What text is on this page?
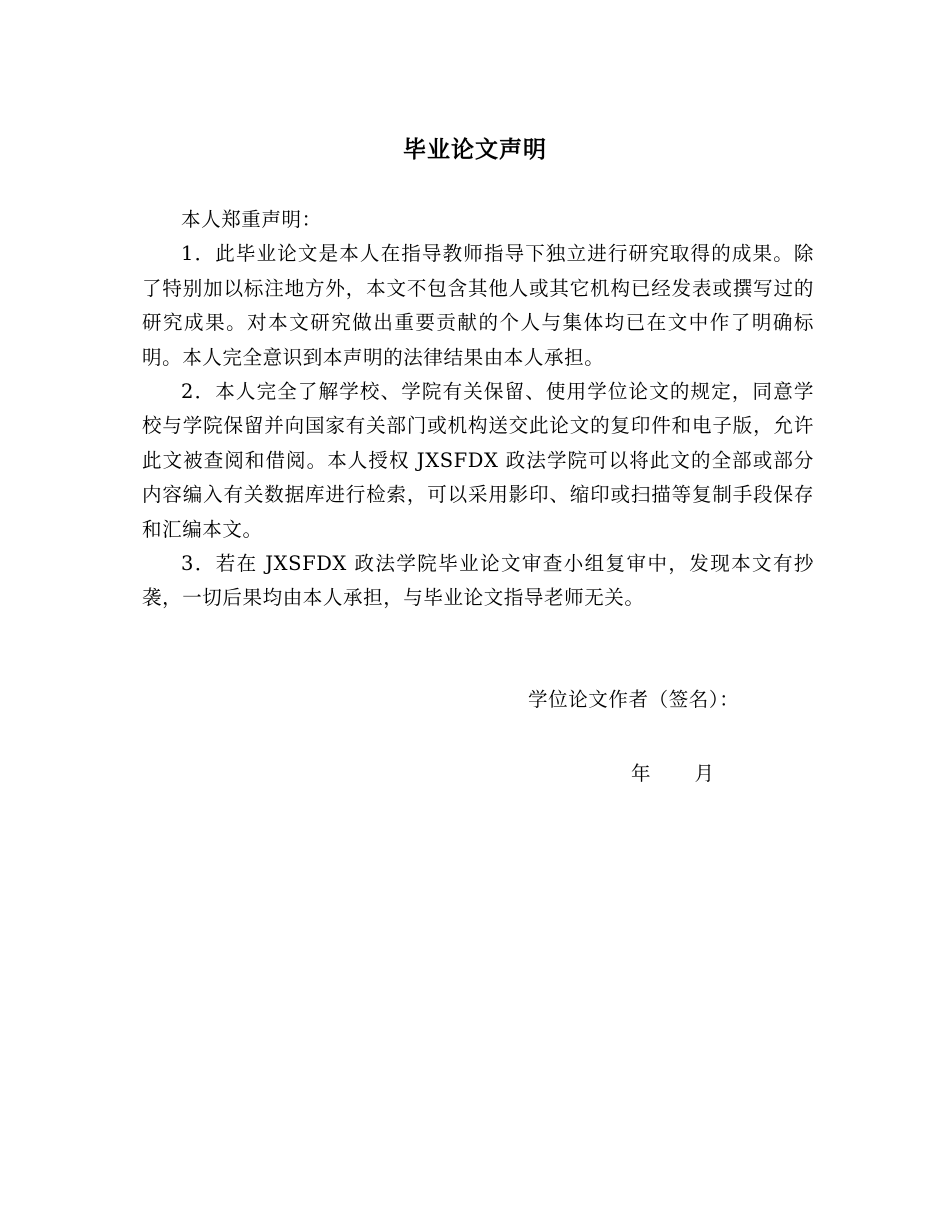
毕业论文声明

本人郑重声明：

1．此毕业论文是本人在指导教师指导下独立进行研究取得的成果。除了特别加以标注地方外，本文不包含其他人或其它机构已经发表或撰写过的研究成果。对本文研究做出重要贡献的个人与集体均已在文中作了明确标明。本人完全意识到本声明的法律结果由本人承担。

2．本人完全了解学校、学院有关保留、使用学位论文的规定，同意学校与学院保留并向国家有关部门或机构送交此论文的复印件和电子版，允许此文被查阅和借阅。本人授权 JXSFDX 政法学院可以将此文的全部或部分内容编入有关数据库进行检索，可以采用影印、缩印或扫描等复制手段保存和汇编本文。

3．若在 JXSFDX 政法学院毕业论文审查小组复审中，发现本文有抄袭，一切后果均由本人承担，与毕业论文指导老师无关。

学位论文作者（签名）：
年 月
